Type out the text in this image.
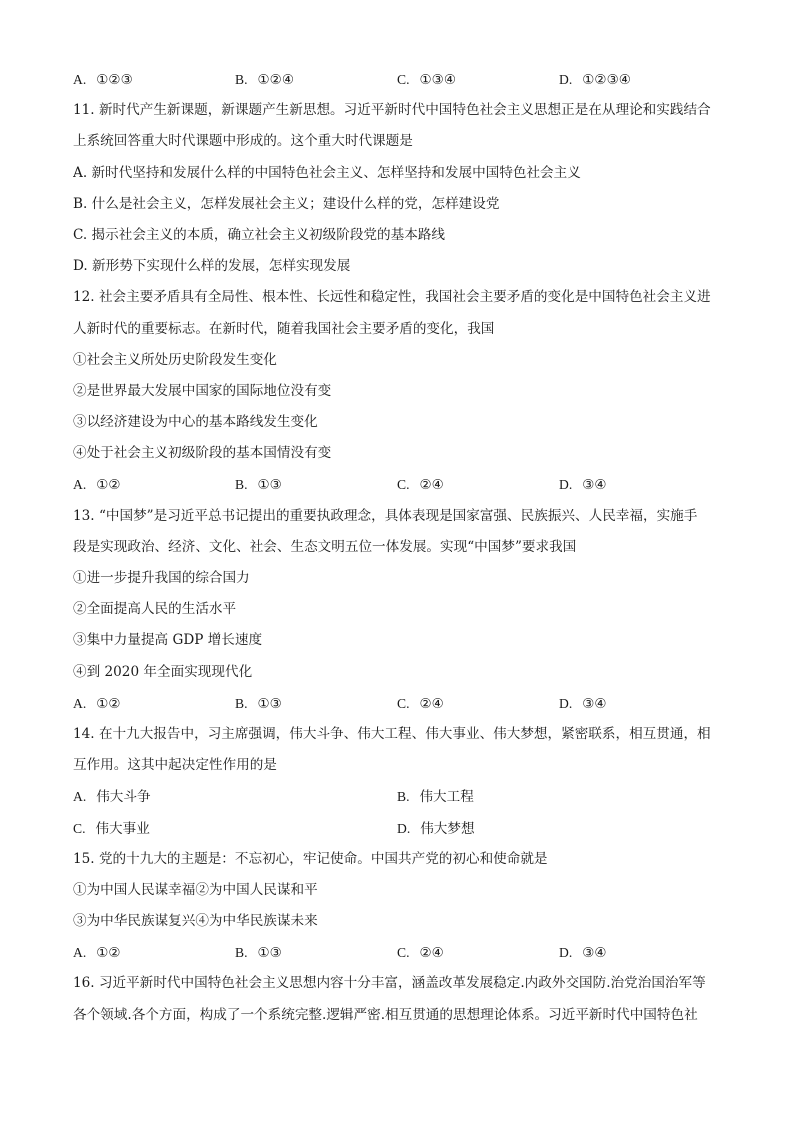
A. ①②③	B. ①②④	C. ①③④	D. ①②③④
11. 新时代产生新课题，新课题产生新思想。习近平新时代中国特色社会主义思想正是在从理论和实践结合
上系统回答重大时代课题中形成的。这个重大时代课题是
A. 新时代坚持和发展什么样的中国特色社会主义、怎样坚持和发展中国特色社会主义
B. 什么是社会主义，怎样发展社会主义；建设什么样的党，怎样建设党
C. 揭示社会主义的本质，确立社会主义初级阶段党的基本路线
D. 新形势下实现什么样的发展，怎样实现发展
12. 社会主要矛盾具有全局性、根本性、长远性和稳定性，我国社会主要矛盾的变化是中国特色社会主义进
人新时代的重要标志。在新时代，随着我国社会主要矛盾的变化，我国
①社会主义所处历史阶段发生变化
②是世界最大发展中国家的国际地位没有变
③以经济建设为中心的基本路线发生变化
④处于社会主义初级阶段的基本国情没有变
A. ①②	B. ①③	C. ②④	D. ③④
13. “中国梦”是习近平总书记提出的重要执政理念，具体表现是国家富强、民族振兴、人民幸福，实施手
段是实现政治、经济、文化、社会、生态文明五位一体发展。实现“中国梦”要求我国
①进一步提升我国的综合国力
②全面提高人民的生活水平
③集中力量提高 GDP 增长速度
④到 2020 年全面实现现代化
A. ①②	B. ①③	C. ②④	D. ③④
14. 在十九大报告中，习主席强调，伟大斗争、伟大工程、伟大事业、伟大梦想，紧密联系，相互贯通，相
互作用。这其中起决定性作用的是
A. 伟大斗争	B. 伟大工程
C. 伟大事业	D. 伟大梦想
15. 党的十九大的主题是：不忘初心，牢记使命。中国共产党的初心和使命就是
①为中国人民谋幸福②为中国人民谋和平
③为中华民族谋复兴④为中华民族谋未来
A. ①②	B. ①③	C. ②④	D. ③④
16. 习近平新时代中国特色社会主义思想内容十分丰富，涵盖改革发展稳定.内政外交国防.治党治国治军等
各个领域.各个方面，构成了一个系统完整.逻辑严密.相互贯通的思想理论体系。习近平新时代中国特色社
